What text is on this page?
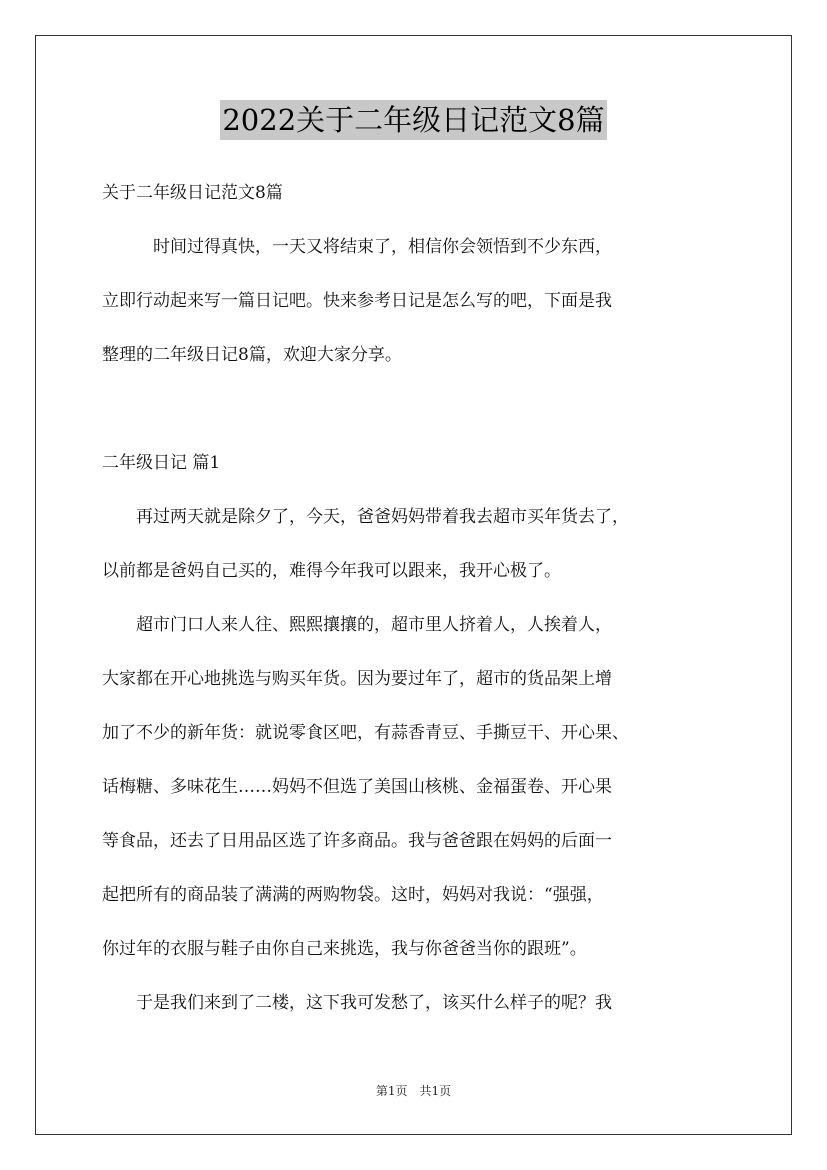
2022关于二年级日记范文8篇
关于二年级日记范文8篇
　　　时间过得真快，一天又将结束了，相信你会领悟到不少东西，
立即行动起来写一篇日记吧。快来参考日记是怎么写的吧，下面是我
整理的二年级日记8篇，欢迎大家分享。
二年级日记 篇1
　　再过两天就是除夕了，今天，爸爸妈妈带着我去超市买年货去了，
以前都是爸妈自己买的，难得今年我可以跟来，我开心极了。
　　超市门口人来人往、熙熙攘攘的，超市里人挤着人，人挨着人，
大家都在开心地挑选与购买年货。因为要过年了，超市的货品架上增
加了不少的新年货：就说零食区吧，有蒜香青豆、手撕豆干、开心果、
话梅糖、多味花生……妈妈不但选了美国山核桃、金福蛋卷、开心果
等食品，还去了日用品区选了许多商品。我与爸爸跟在妈妈的后面一
起把所有的商品装了满满的两购物袋。这时，妈妈对我说：“强强，
你过年的衣服与鞋子由你自己来挑选，我与你爸爸当你的跟班”。
　　于是我们来到了二楼，这下我可发愁了，该买什么样子的呢？我
第1页　共1页
